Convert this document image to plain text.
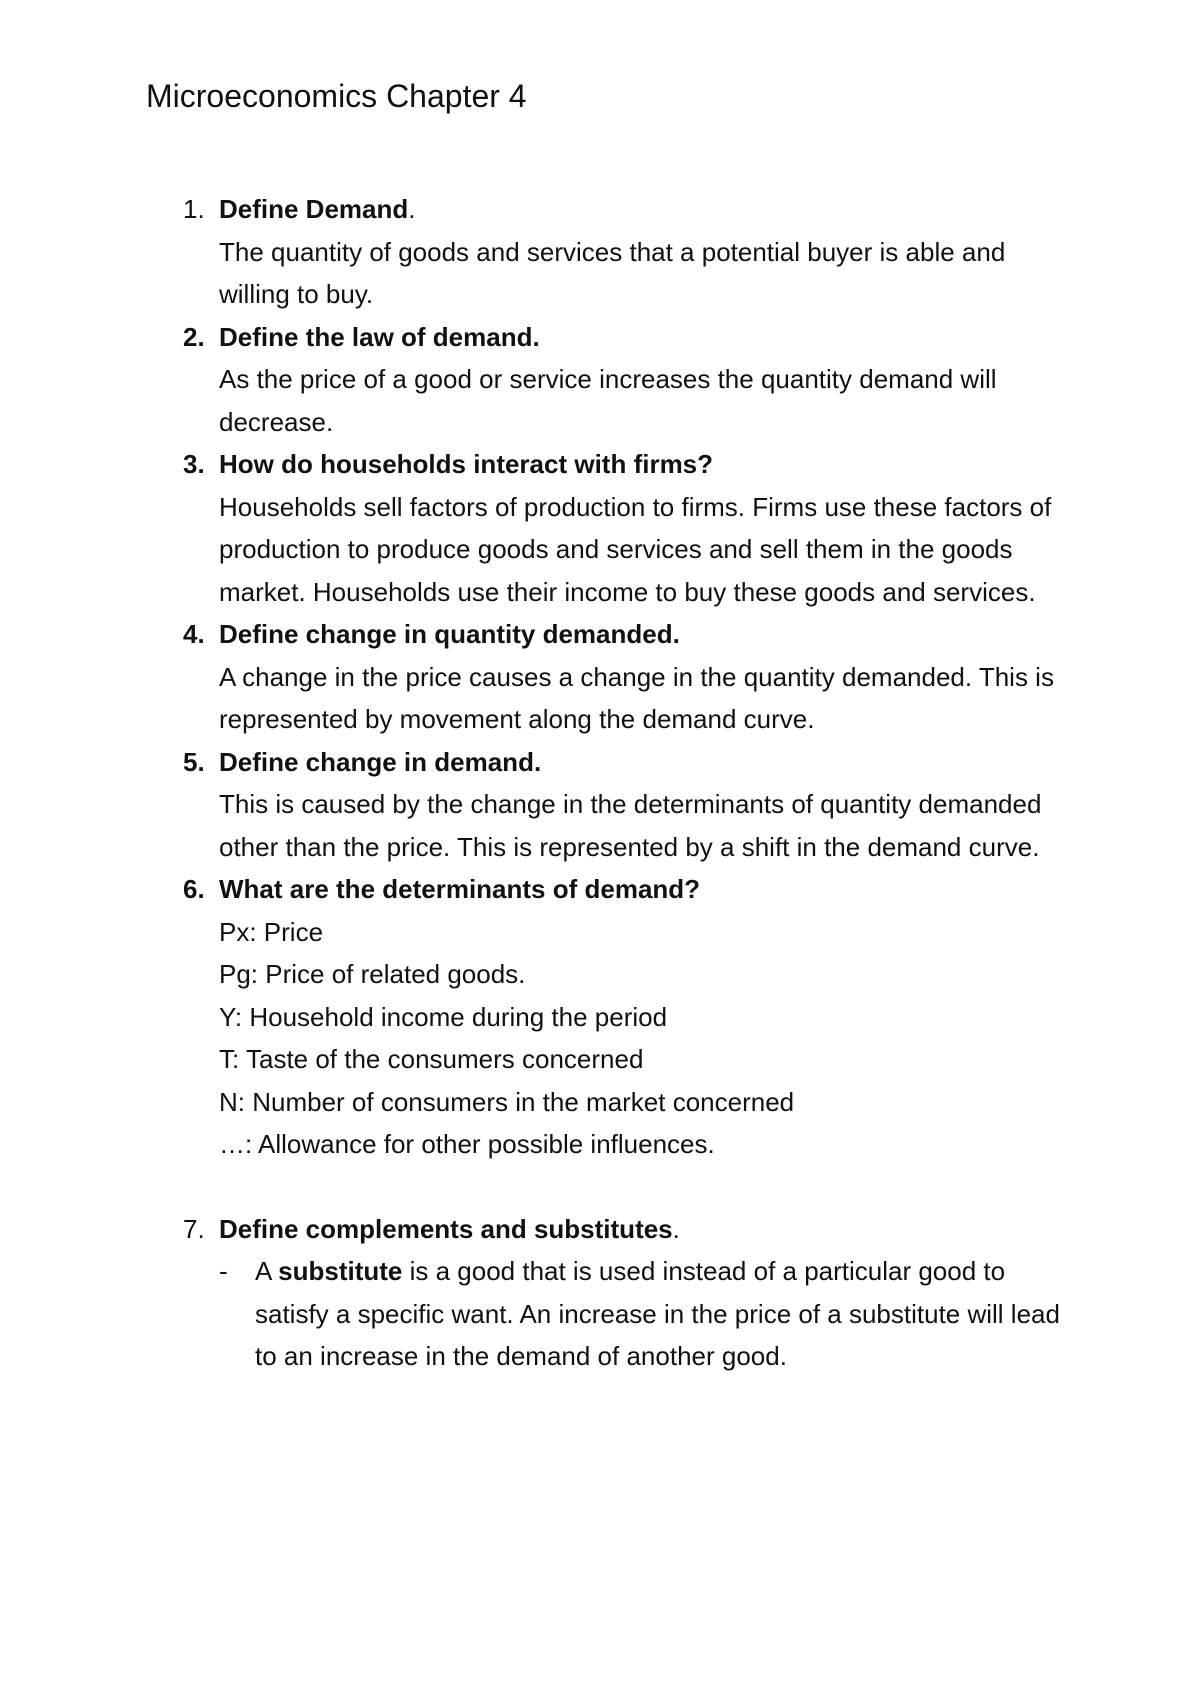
Microeconomics Chapter 4
1. Define Demand.

The quantity of goods and services that a potential buyer is able and willing to buy.

2. Define the law of demand.

As the price of a good or service increases the quantity demand will decrease.

3. How do households interact with firms?

Households sell factors of production to firms. Firms use these factors of production to produce goods and services and sell them in the goods market. Households use their income to buy these goods and services.

4. Define change in quantity demanded.

A change in the price causes a change in the quantity demanded. This is represented by movement along the demand curve.

5. Define change in demand.

This is caused by the change in the determinants of quantity demanded other than the price. This is represented by a shift in the demand curve.

6. What are the determinants of demand?
Px: Price
Pg: Price of related goods.
Y: Household income during the period
T: Taste of the consumers concerned
N: Number of consumers in the market concerned
…: Allowance for other possible influences.
7. Define complements and substitutes.
- A substitute is a good that is used instead of a particular good to satisfy a specific want. An increase in the price of a substitute will lead to an increase in the demand of another good.
